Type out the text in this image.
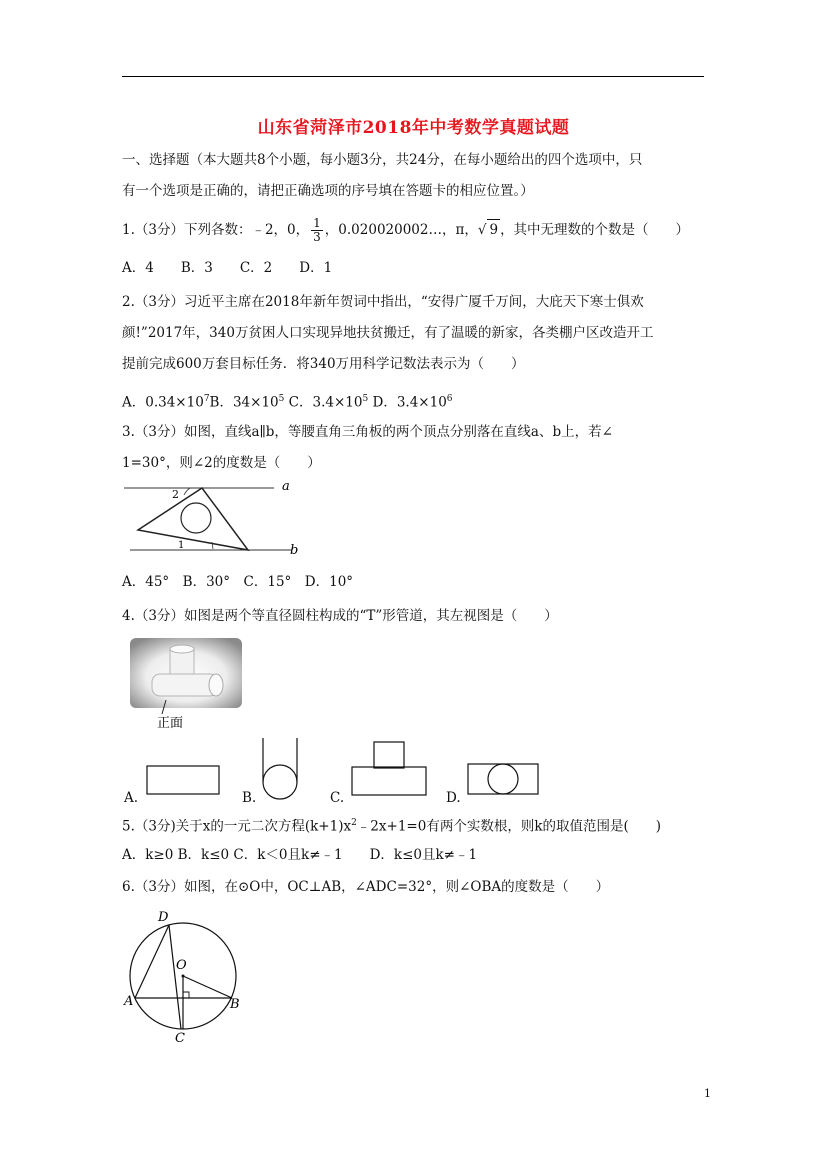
山东省菏泽市2018年中考数学真题试题
一、选择题（本大题共8个小题，每小题3分，共24分，在每小题给出的四个选项中，只
有一个选项是正确的，请把正确选项的序号填在答题卡的相应位置。）
1.（3分）下列各数：﹣2，0， $\frac{1}{3}$ ，0.020020002…，π，√ 9 ，其中无理数的个数是（　　）
A．4　　B．3　　C．2　　D．1
2.（3分）习近平主席在2018年新年贺词中指出，“安得广厦千万间，大庇天下寒士俱欢
颜!”2017年，340万贫困人口实现异地扶贫搬迁，有了温暖的新家，各类棚户区改造开工
提前完成600万套目标任务．将340万用科学记数法表示为（　　）
A．$0.34\times 10^7B$．$34\times 10^5$ C．$3.4\times 10^5$ D．$3.4\times 10^6$
3.（3分）如图，直线a∥b，等腰直角三角板的两个顶点分别落在直线a、b上，若∠
1=30°，则∠2的度数是（　　）
a
b
2
1
A．45°　B．30°　C．15°　D．10°
4.（3分）如图是两个等直径圆柱构成的“T”形管道，其左视图是（　　）
正面
A.	B.	C.	D.
5.（3分)关于x的一元二次方程$(k+1)x^2﹣2x+1=0$有两个实数根，则k的取值范围是(　　)
A．k≥0 B．k≤0 C．k＜0且k≠﹣1　　D．k≤0且k≠﹣1
6.（3分）如图，在⊙O中，OC⊥AB，∠ADC=32°，则∠OBA的度数是（　　）
D
O
A	B
C
1
